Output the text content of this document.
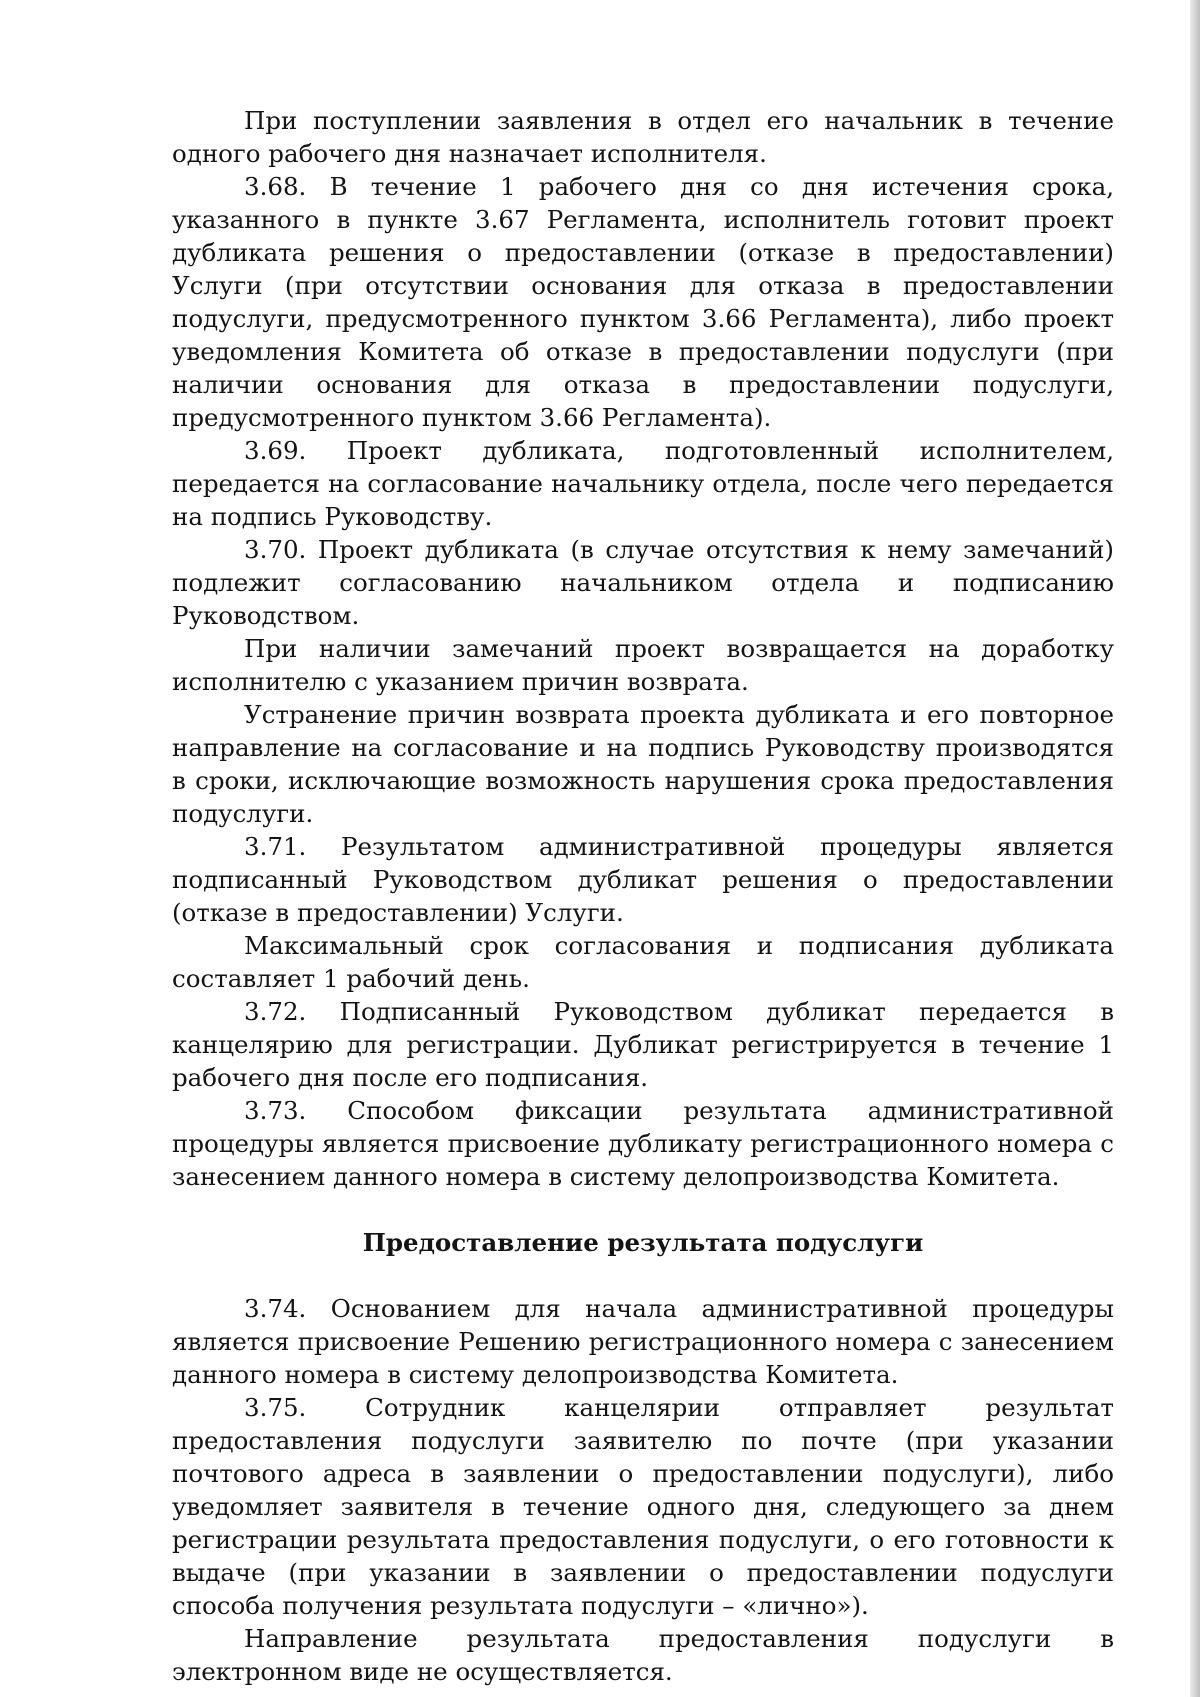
При поступлении заявления в отдел его начальник в течение одного рабочего дня назначает исполнителя.

3.68. В течение 1 рабочего дня со дня истечения срока, указанного в пункте 3.67 Регламента, исполнитель готовит проект дубликата решения о предоставлении (отказе в предоставлении) Услуги (при отсутствии основания для отказа в предоставлении подуслуги, предусмотренного пунктом 3.66 Регламента), либо проект уведомления Комитета об отказе в предоставлении подуслуги (при наличии основания для отказа в предоставлении подуслуги, предусмотренного пунктом 3.66 Регламента).

3.69. Проект дубликата, подготовленный исполнителем, передается на согласование начальнику отдела, после чего передается на подпись Руководству.

3.70. Проект дубликата (в случае отсутствия к нему замечаний) подлежит согласованию начальником отдела и подписанию Руководством.

При наличии замечаний проект возвращается на доработку исполнителю с указанием причин возврата.

Устранение причин возврата проекта дубликата и его повторное направление на согласование и на подпись Руководству производятся в сроки, исключающие возможность нарушения срока предоставления подуслуги.

3.71. Результатом административной процедуры является подписанный Руководством дубликат решения о предоставлении (отказе в предоставлении) Услуги.

Максимальный срок согласования и подписания дубликата составляет 1 рабочий день.

3.72. Подписанный Руководством дубликат передается в канцелярию для регистрации. Дубликат регистрируется в течение 1 рабочего дня после его подписания.

3.73. Способом фиксации результата административной процедуры является присвоение дубликату регистрационного номера с занесением данного номера в систему делопроизводства Комитета.

Предоставление результата подуслуги

3.74. Основанием для начала административной процедуры является присвоение Решению регистрационного номера с занесением данного номера в систему делопроизводства Комитета.

3.75. Сотрудник канцелярии отправляет результат предоставления подуслуги заявителю по почте (при указании почтового адреса в заявлении о предоставлении подуслуги), либо уведомляет заявителя в течение одного дня, следующего за днем регистрации результата предоставления подуслуги, о его готовности к выдаче (при указании в заявлении о предоставлении подуслуги способа получения результата подуслуги – «лично»).

Направление результата предоставления подуслуги в электронном виде не осуществляется.
